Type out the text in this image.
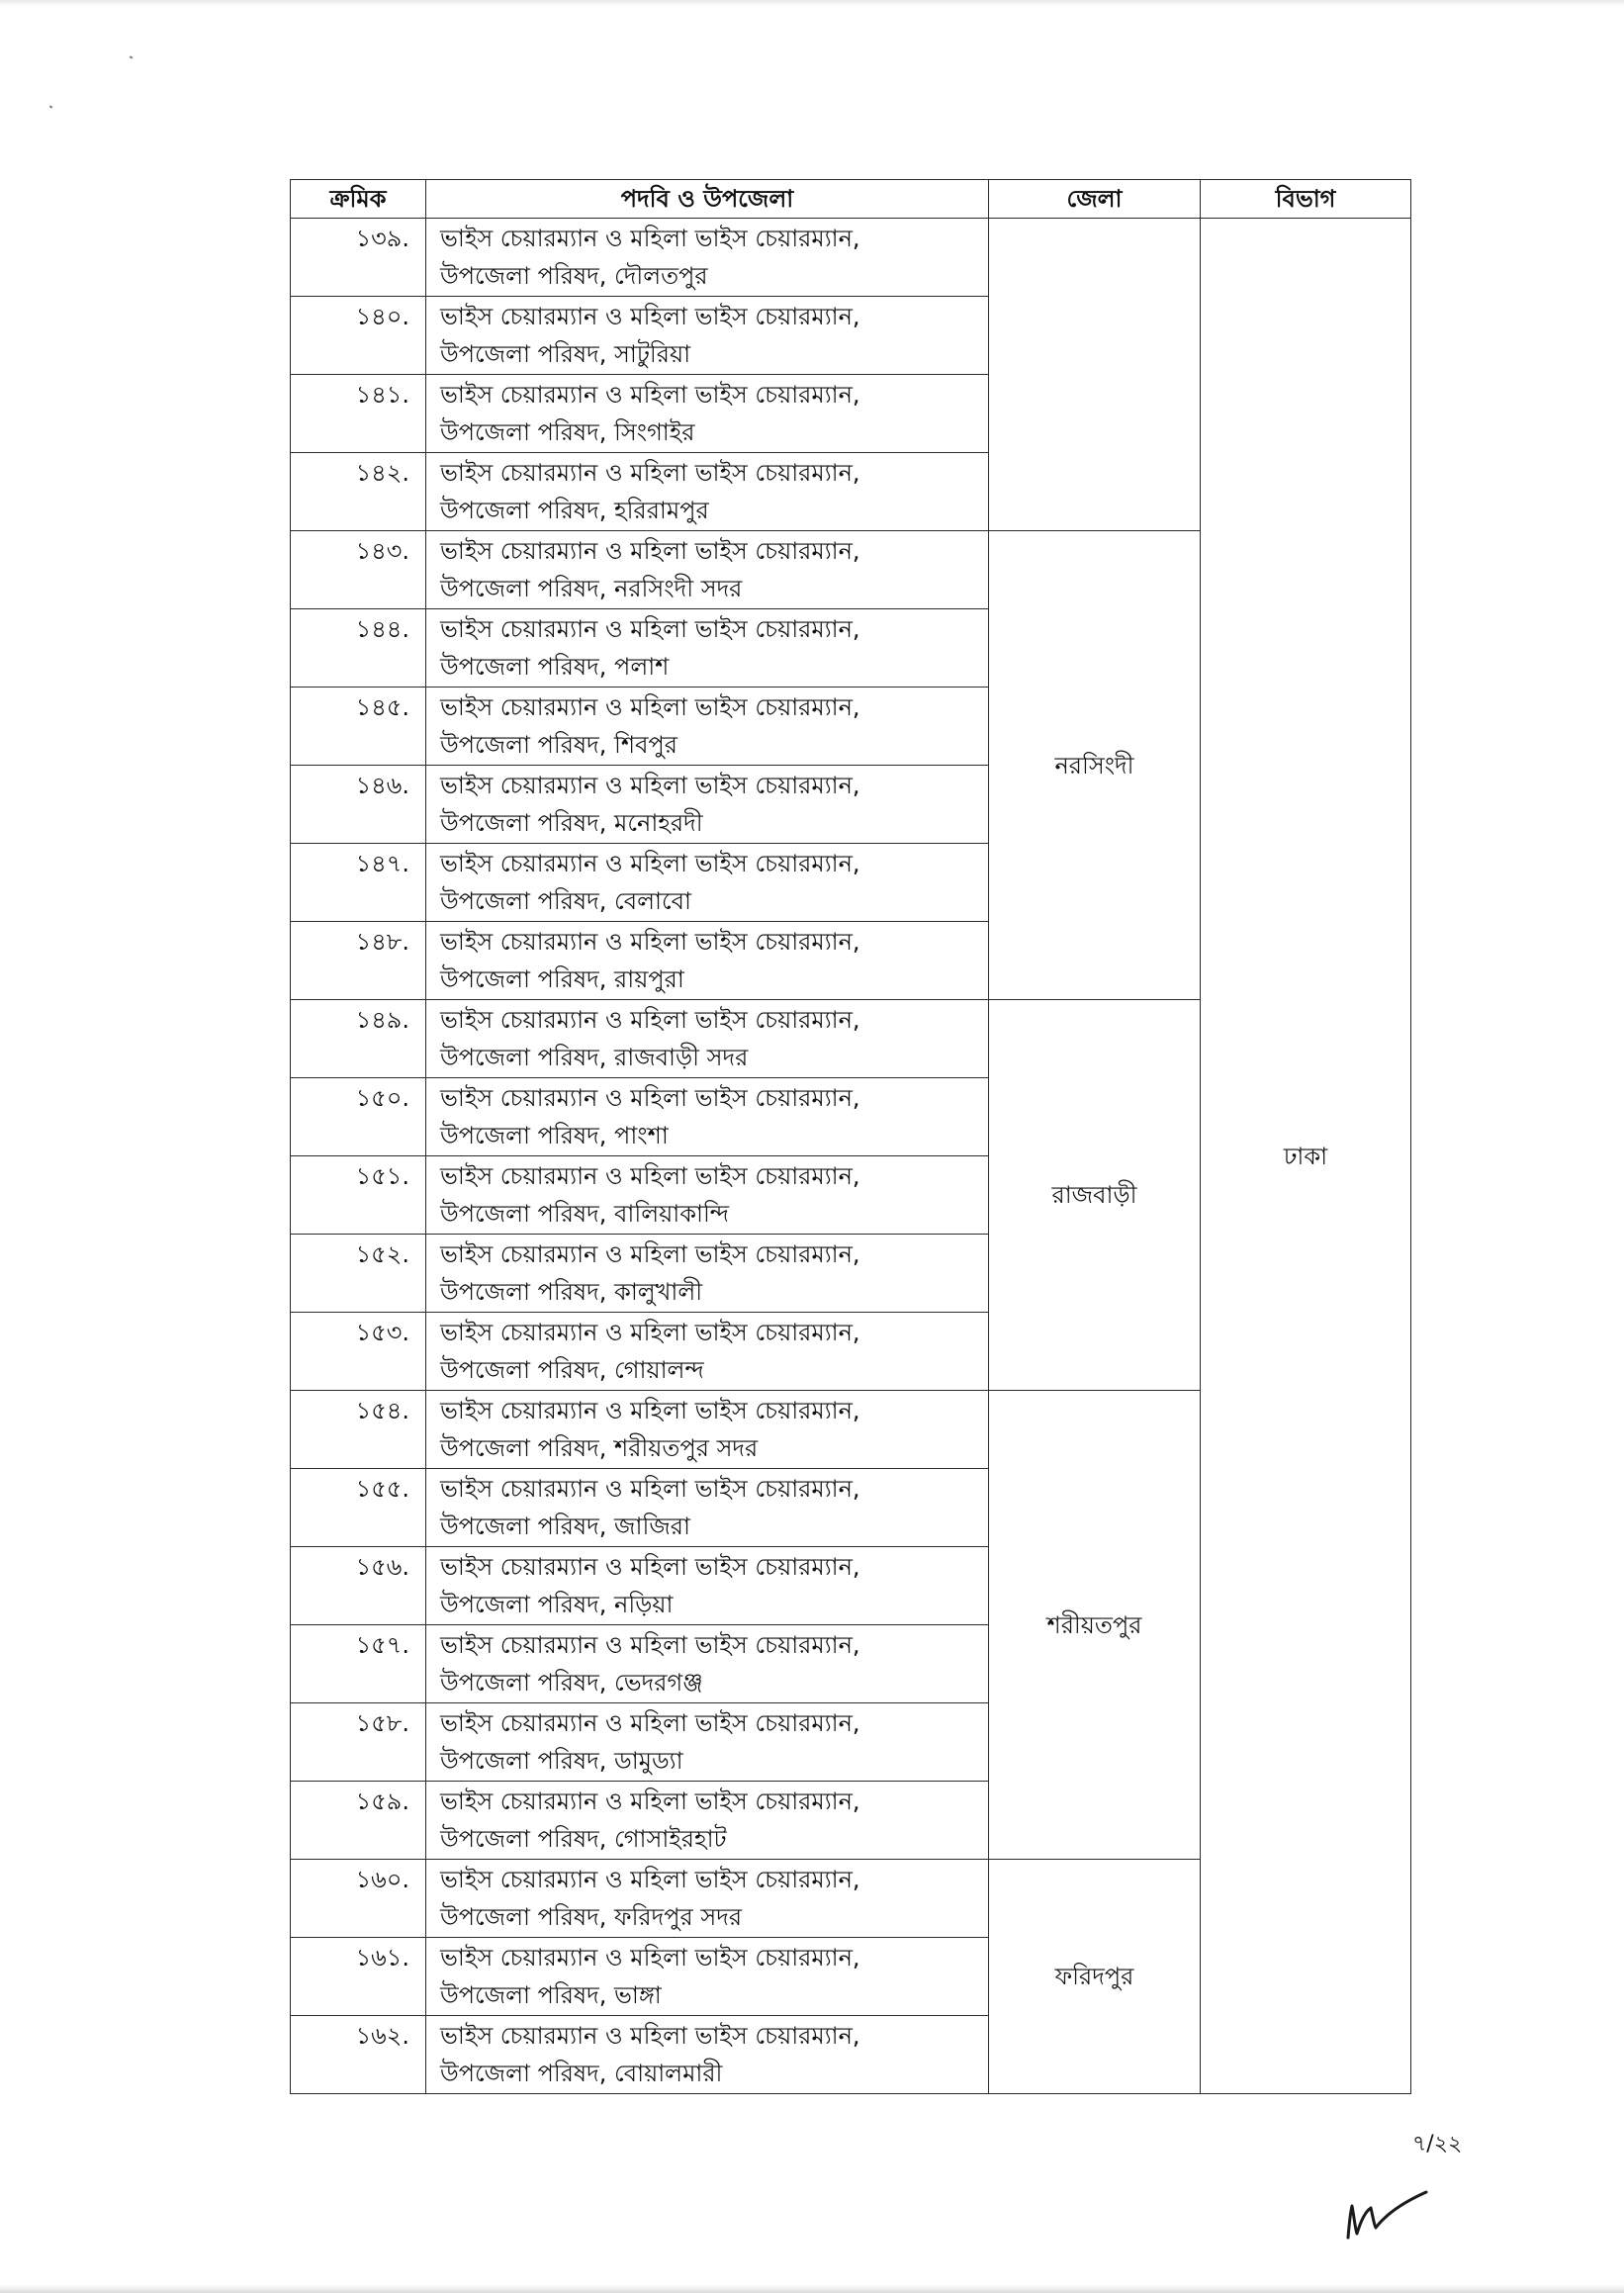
ক্রমিক	পদবি ও উপজেলা	জেলা	বিভাগ
১৩৯.	ভাইস চেয়ারম্যান ও মহিলা ভাইস চেয়ারম্যান,
উপজেলা পরিষদ, দৌলতপুর		ঢাকা
১৪০.	ভাইস চেয়ারম্যান ও মহিলা ভাইস চেয়ারম্যান,
উপজেলা পরিষদ, সাটুরিয়া		

১৪১.	ভাইস চেয়ারম্যান ও মহিলা ভাইস চেয়ারম্যান,
উপজেলা পরিষদ, সিংগাইর		

১৪২.	ভাইস চেয়ারম্যান ও মহিলা ভাইস চেয়ারম্যান,
উপজেলা পরিষদ, হরিরামপুর		

১৪৩.	ভাইস চেয়ারম্যান ও মহিলা ভাইস চেয়ারম্যান,
উপজেলা পরিষদ, নরসিংদী সদর	নরসিংদী	
১৪৪.	ভাইস চেয়ারম্যান ও মহিলা ভাইস চেয়ারম্যান,
উপজেলা পরিষদ, পলাশ		

১৪৫.	ভাইস চেয়ারম্যান ও মহিলা ভাইস চেয়ারম্যান,
উপজেলা পরিষদ, শিবপুর		

১৪৬.	ভাইস চেয়ারম্যান ও মহিলা ভাইস চেয়ারম্যান,
উপজেলা পরিষদ, মনোহরদী		

১৪৭.	ভাইস চেয়ারম্যান ও মহিলা ভাইস চেয়ারম্যান,
উপজেলা পরিষদ, বেলাবো		

১৪৮.	ভাইস চেয়ারম্যান ও মহিলা ভাইস চেয়ারম্যান,
উপজেলা পরিষদ, রায়পুরা		

১৪৯.	ভাইস চেয়ারম্যান ও মহিলা ভাইস চেয়ারম্যান,
উপজেলা পরিষদ, রাজবাড়ী সদর	রাজবাড়ী	
১৫০.	ভাইস চেয়ারম্যান ও মহিলা ভাইস চেয়ারম্যান,
উপজেলা পরিষদ, পাংশা		

১৫১.	ভাইস চেয়ারম্যান ও মহিলা ভাইস চেয়ারম্যান,
উপজেলা পরিষদ, বালিয়াকান্দি		

১৫২.	ভাইস চেয়ারম্যান ও মহিলা ভাইস চেয়ারম্যান,
উপজেলা পরিষদ, কালুখালী		

১৫৩.	ভাইস চেয়ারম্যান ও মহিলা ভাইস চেয়ারম্যান,
উপজেলা পরিষদ, গোয়ালন্দ		

১৫৪.	ভাইস চেয়ারম্যান ও মহিলা ভাইস চেয়ারম্যান,
উপজেলা পরিষদ, শরীয়তপুর সদর	শরীয়তপুর	
১৫৫.	ভাইস চেয়ারম্যান ও মহিলা ভাইস চেয়ারম্যান,
উপজেলা পরিষদ, জাজিরা		

১৫৬.	ভাইস চেয়ারম্যান ও মহিলা ভাইস চেয়ারম্যান,
উপজেলা পরিষদ, নড়িয়া		

১৫৭.	ভাইস চেয়ারম্যান ও মহিলা ভাইস চেয়ারম্যান,
উপজেলা পরিষদ, ভেদরগঞ্জ		

১৫৮.	ভাইস চেয়ারম্যান ও মহিলা ভাইস চেয়ারম্যান,
উপজেলা পরিষদ, ডামুড্যা		

১৫৯.	ভাইস চেয়ারম্যান ও মহিলা ভাইস চেয়ারম্যান,
উপজেলা পরিষদ, গোসাইরহাট		

১৬০.	ভাইস চেয়ারম্যান ও মহিলা ভাইস চেয়ারম্যান,
উপজেলা পরিষদ, ফরিদপুর সদর	ফরিদপুর	
১৬১.	ভাইস চেয়ারম্যান ও মহিলা ভাইস চেয়ারম্যান,
উপজেলা পরিষদ, ভাঙ্গা		

১৬২.	ভাইস চেয়ারম্যান ও মহিলা ভাইস চেয়ারম্যান,
উপজেলা পরিষদ, বোয়ালমারী		
৭/২২
